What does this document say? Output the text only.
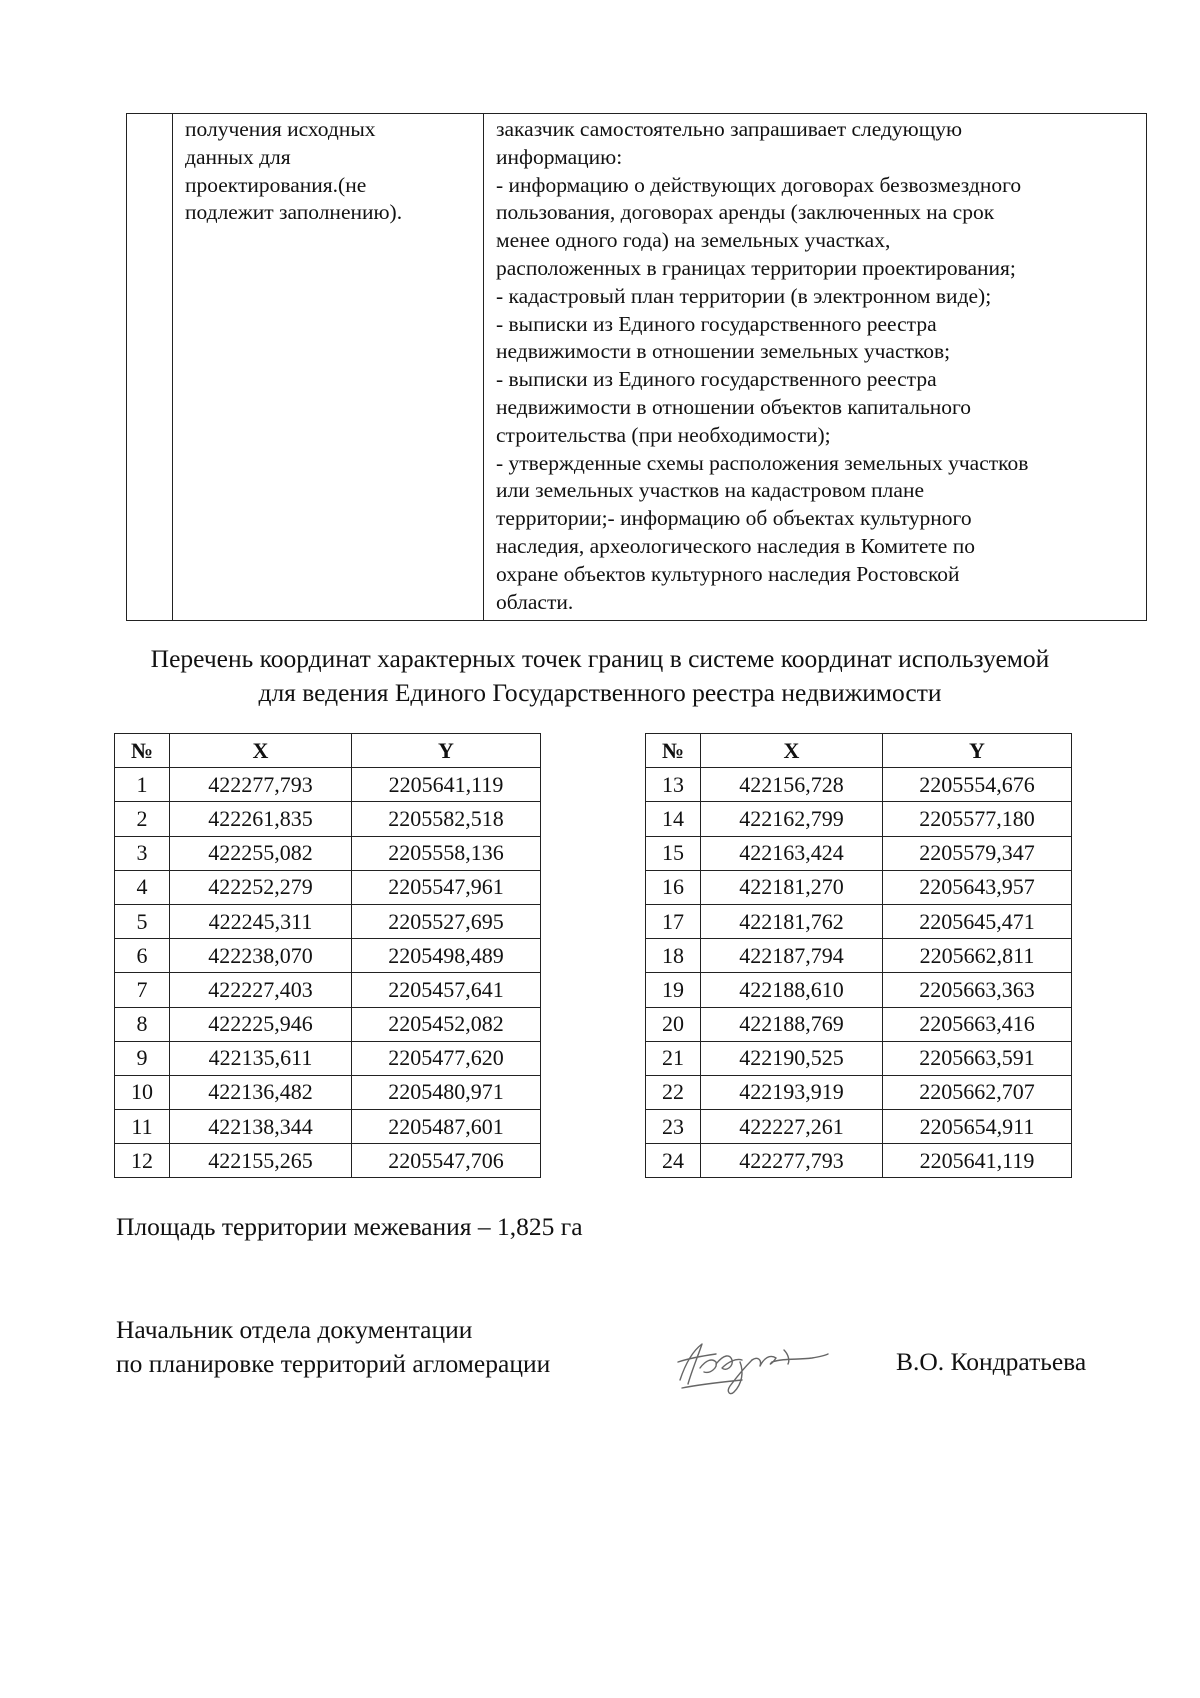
получения исходных
данных для
проектирования.(не
подлежит заполнению).

заказчик самостоятельно запрашивает следующую
информацию:
- информацию о действующих договорах безвозмездного
пользования, договорах аренды (заключенных на срок
менее одного года) на земельных участках,
расположенных в границах территории проектирования;
- кадастровый план территории (в электронном виде);
- выписки из Единого государственного реестра
недвижимости в отношении земельных участков;
- выписки из Единого государственного реестра
недвижимости в отношении объектов капитального
строительства (при необходимости);
- утвержденные схемы расположения земельных участков
или земельных участков на кадастровом плане
территории;- информацию об объектах культурного
наследия, археологического наследия в Комитете по
охране объектов культурного наследия Ростовской
области.
Перечень координат характерных точек границ в системе координат используемой
для ведения Единого Государственного реестра недвижимости
№	X	Y
1	422277,793	2205641,119
2	422261,835	2205582,518
3	422255,082	2205558,136
4	422252,279	2205547,961
5	422245,311	2205527,695
6	422238,070	2205498,489
7	422227,403	2205457,641
8	422225,946	2205452,082
9	422135,611	2205477,620
10	422136,482	2205480,971
11	422138,344	2205487,601
12	422155,265	2205547,706
№	X	Y
13	422156,728	2205554,676
14	422162,799	2205577,180
15	422163,424	2205579,347
16	422181,270	2205643,957
17	422181,762	2205645,471
18	422187,794	2205662,811
19	422188,610	2205663,363
20	422188,769	2205663,416
21	422190,525	2205663,591
22	422193,919	2205662,707
23	422227,261	2205654,911
24	422277,793	2205641,119
Площадь территории межевания – 1,825 га
Начальник отдела документации
по планировке территорий агломерации	В.О. Кондратьева
